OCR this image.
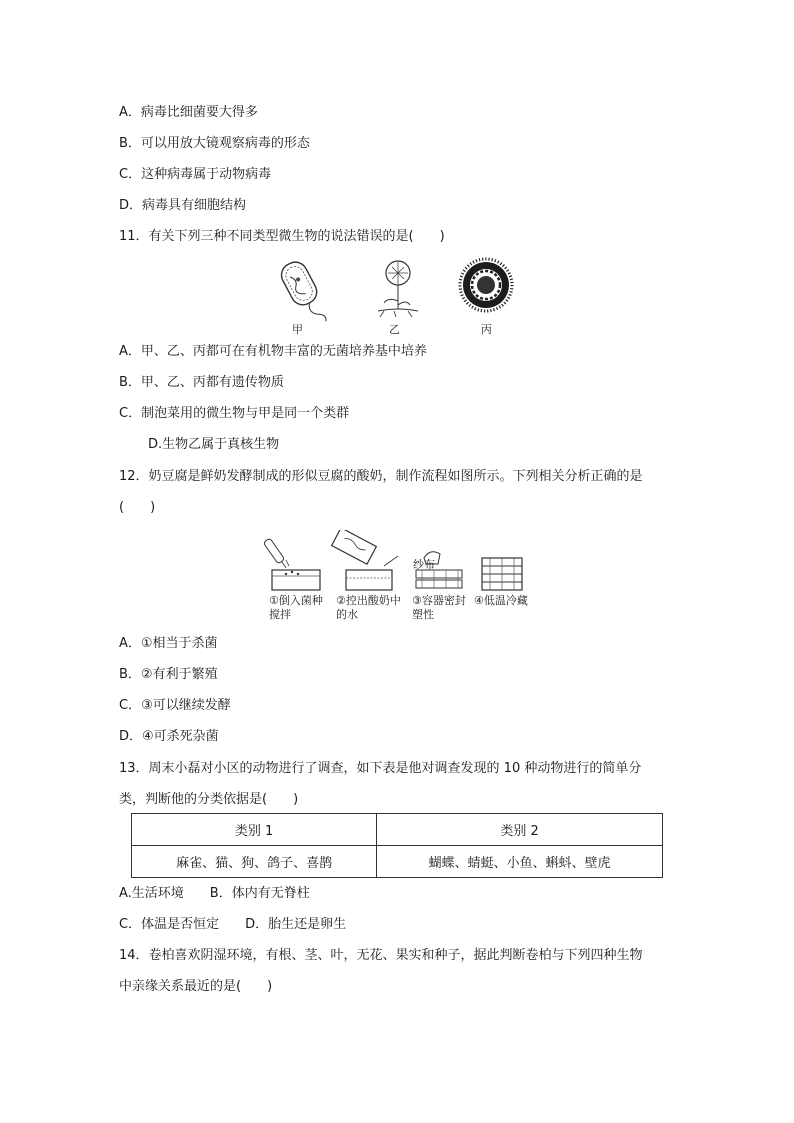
A．病毒比细菌要大得多
B．可以用放大镜观察病毒的形态
C．这种病毒属于动物病毒
D．病毒具有细胞结构
11．有关下列三种不同类型微生物的说法错误的是(　　)
甲	乙	丙
A．甲、乙、丙都可在有机物丰富的无菌培养基中培养
B．甲、乙、丙都有遗传物质
C．制泡菜用的微生物与甲是同一个类群
D.生物乙属于真核生物
12．奶豆腐是鲜奶发酵制成的形似豆腐的酸奶，制作流程如图所示。下列相关分析正确的是
(　　)
纱布
①倒入菌种
搅拌
②控出酸奶中
的水
③容器密封
塑性
④低温冷藏
A．①相当于杀菌
B．②有利于繁殖
C．③可以继续发酵
D．④可杀死杂菌
13．周末小磊对小区的动物进行了调查，如下表是他对调查发现的 10 种动物进行的简单分
类，判断他的分类依据是(　　)
类别 1	类别 2
麻雀、猫、狗、鸽子、喜鹊	蝴蝶、蜻蜓、小鱼、蝌蚪、壁虎
A.生活环境　　B．体内有无脊柱
C．体温是否恒定　　D．胎生还是卵生
14．卷柏喜欢阴湿环境，有根、茎、叶，无花、果实和种子，据此判断卷柏与下列四种生物
中亲缘关系最近的是(　　)
